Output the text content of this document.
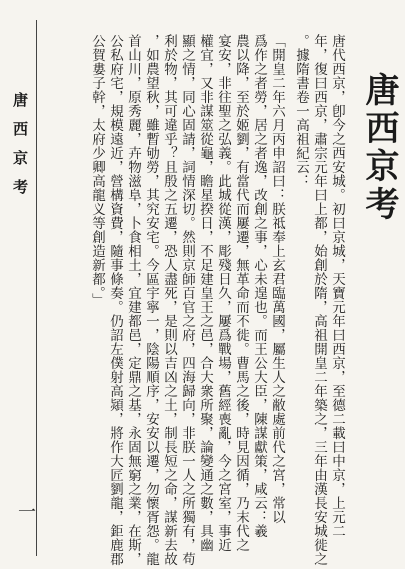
唐西京考
唐代西京，卽今之西安城。初曰京城，天寶元年曰西京，至德二載曰中京，上元二
年，復曰西京，肅宗元年曰上都，始創於隋，高祖開皇二年築之，三年由漢長安城徙之
。據隋書卷一高祖紀云：
「開皇二年六月丙申詔曰：朕祗奉上玄君臨萬國，屬生人之敝處前代之宮，常以
爲作之者勞，居之者逸，改創之事，心未遑也。而王公大臣，陳謀獻策，咸云：羲
農以降，至於姬劉，有當代而屢遷，無革命而不徙。曹馬之後，時見因循，乃末代之
宴安，非往聖之弘義。此城從漢，彫殘日久，屢爲戰場，舊經喪亂，今之宮室，事近
權宜，又非謀筮從龜，瞻星揆日，不足建皇王之邑，合大衆所聚，論變通之數，具幽
顯之情，同心固請，詞情深切。然則京師百官之府，四海歸向，非朕一人之所獨有，苟
利於物，其可違乎？且殷之五遷，恐人盡死，是則以吉凶之土，制長短之命，謀新去故
，如農望秋，雖暫劬勞，其究安宅。今區宇寧一，陰陽順序，安安以遷，勿懷胥怨。龍
首山川，原秀麗，卉物滋阜，卜食相土，宜建都邑，定鼎之基，永固無窮之業，在斯，
公私府宅，規模遠近，營構資費，隨事條奏。仍詔左僕射高熲，將作大匠劉龍，鉅鹿郡
公賀婁子幹，太府少卿高龍义等創造新都。」
唐西京考
一
